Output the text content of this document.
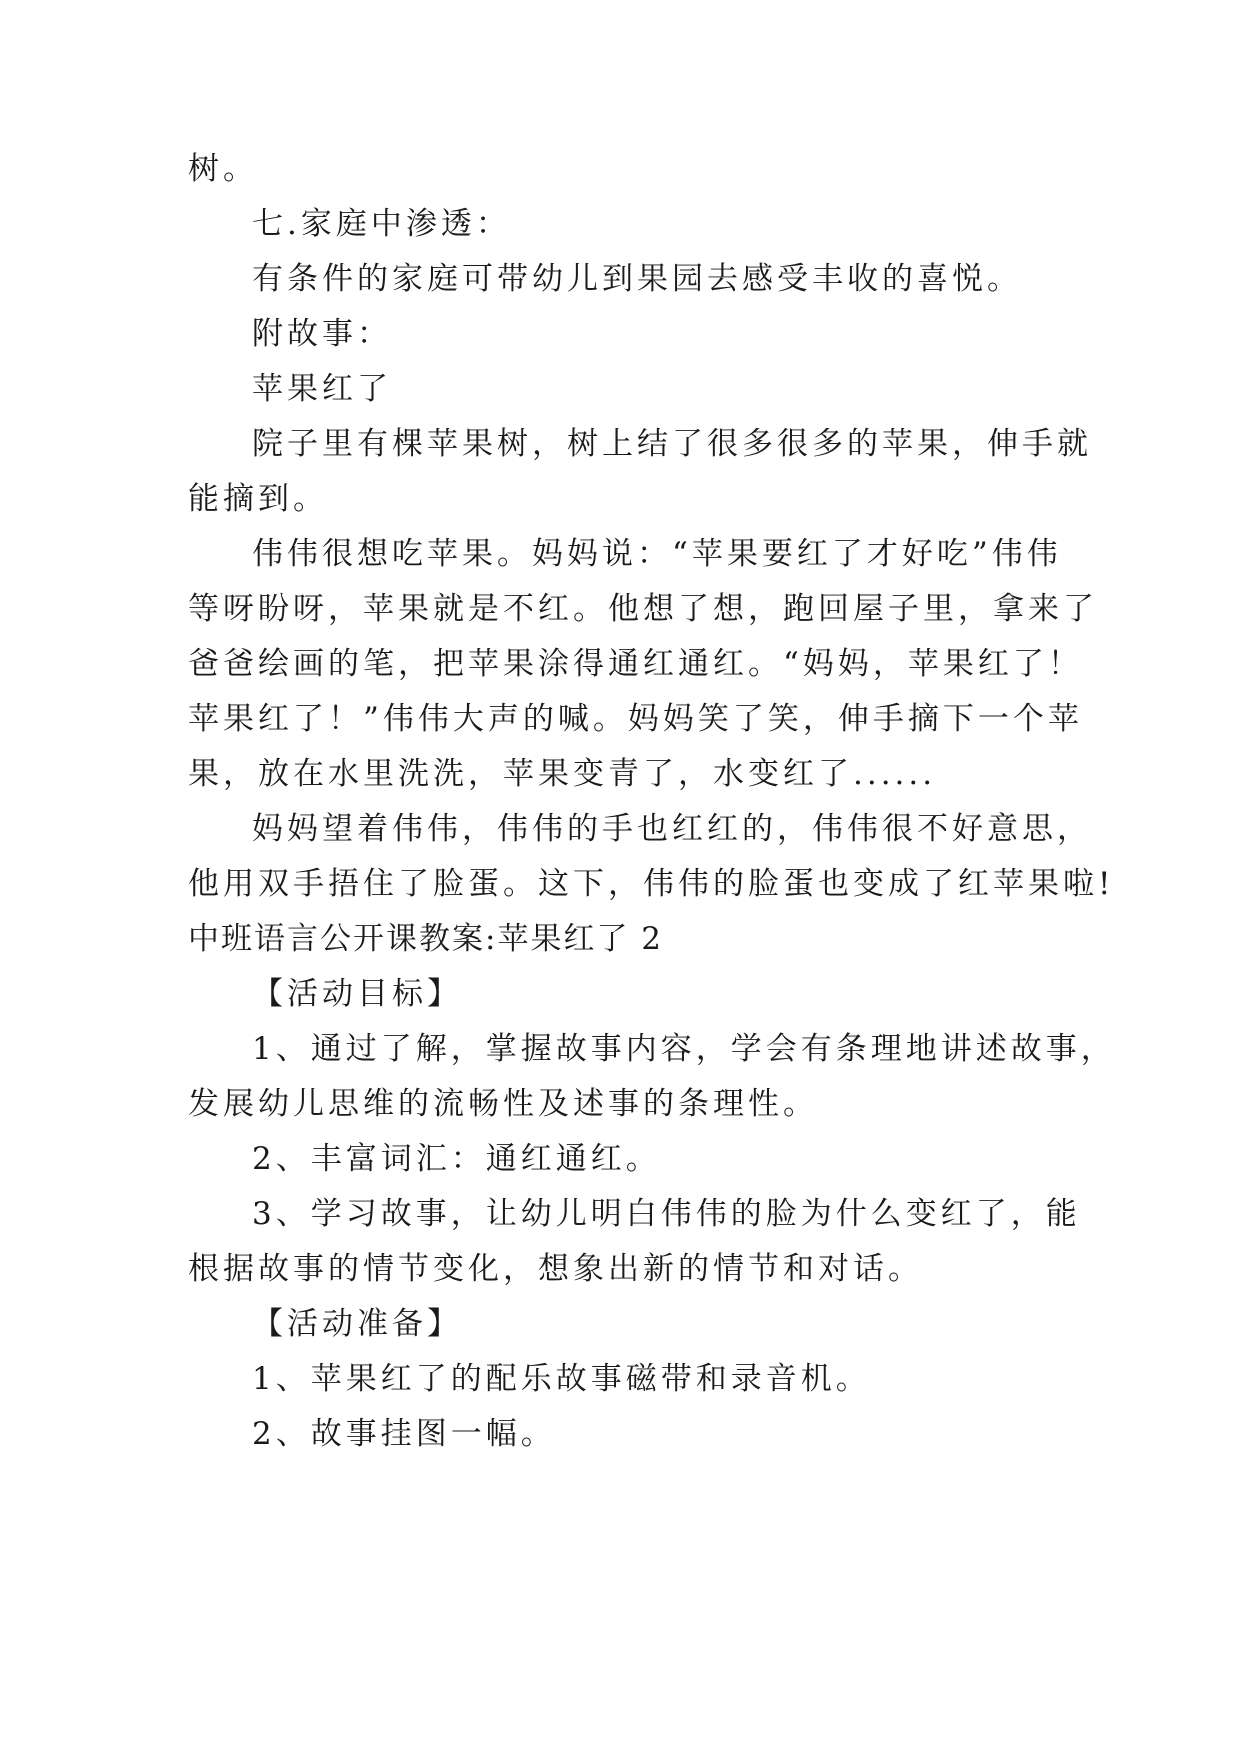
树。
七.家庭中渗透：
有条件的家庭可带幼儿到果园去感受丰收的喜悦。
附故事：
苹果红了
院子里有棵苹果树，树上结了很多很多的苹果，伸手就
能摘到。
伟伟很想吃苹果。妈妈说：“苹果要红了才好吃”伟伟
等呀盼呀，苹果就是不红。他想了想，跑回屋子里，拿来了
爸爸绘画的笔，把苹果涂得通红通红。“妈妈，苹果红了！
苹果红了！”伟伟大声的喊。妈妈笑了笑，伸手摘下一个苹
果，放在水里洗洗，苹果变青了，水变红了......
妈妈望着伟伟，伟伟的手也红红的，伟伟很不好意思，
他用双手捂住了脸蛋。这下，伟伟的脸蛋也变成了红苹果啦!
中班语言公开课教案:苹果红了 2
【活动目标】
1、通过了解，掌握故事内容，学会有条理地讲述故事，
发展幼儿思维的流畅性及述事的条理性。
2、丰富词汇：通红通红。
3、学习故事，让幼儿明白伟伟的脸为什么变红了，能
根据故事的情节变化，想象出新的情节和对话。
【活动准备】
1、苹果红了的配乐故事磁带和录音机。
2、故事挂图一幅。
